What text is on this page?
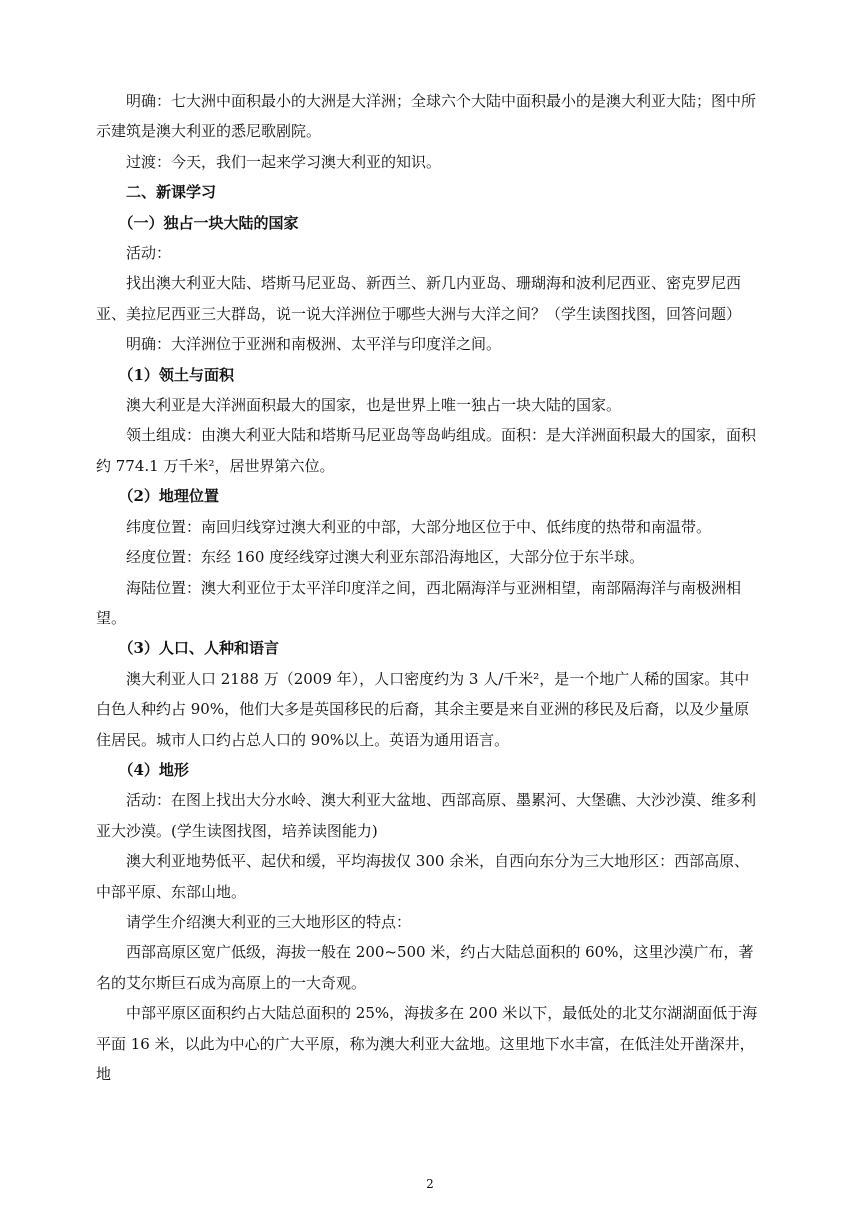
明确：七大洲中面积最小的大洲是大洋洲；全球六个大陆中面积最小的是澳大利亚大陆；图中所示建筑是澳大利亚的悉尼歌剧院。

过渡：今天，我们一起来学习澳大利亚的知识。

二、新课学习

（一）独占一块大陆的国家

活动：

找出澳大利亚大陆、塔斯马尼亚岛、新西兰、新几内亚岛、珊瑚海和波利尼西亚、密克罗尼西亚、美拉尼西亚三大群岛，说一说大洋洲位于哪些大洲与大洋之间？（学生读图找图，回答问题）

明确：大洋洲位于亚洲和南极洲、太平洋与印度洋之间。

（1）领土与面积

澳大利亚是大洋洲面积最大的国家，也是世界上唯一独占一块大陆的国家。

领土组成：由澳大利亚大陆和塔斯马尼亚岛等岛屿组成。面积：是大洋洲面积最大的国家，面积约 774.1 万千米²，居世界第六位。

（2）地理位置

纬度位置：南回归线穿过澳大利亚的中部，大部分地区位于中、低纬度的热带和南温带。

经度位置：东经 160 度经线穿过澳大利亚东部沿海地区，大部分位于东半球。

海陆位置：澳大利亚位于太平洋印度洋之间，西北隔海洋与亚洲相望，南部隔海洋与南极洲相望。

（3）人口、人种和语言

澳大利亚人口 2188 万（2009 年），人口密度约为 3 人/千米²，是一个地广人稀的国家。其中白色人种约占 90%，他们大多是英国移民的后裔，其余主要是来自亚洲的移民及后裔，以及少量原住居民。城市人口约占总人口的 90%以上。英语为通用语言。

（4）地形

活动：在图上找出大分水岭、澳大利亚大盆地、西部高原、墨累河、大堡礁、大沙沙漠、维多利亚大沙漠。(学生读图找图，培养读图能力)

澳大利亚地势低平、起伏和缓，平均海拔仅 300 余米，自西向东分为三大地形区：西部高原、中部平原、东部山地。

请学生介绍澳大利亚的三大地形区的特点：

西部高原区宽广低级，海拔一般在 200~500 米，约占大陆总面积的 60%，这里沙漠广布，著名的艾尔斯巨石成为高原上的一大奇观。

中部平原区面积约占大陆总面积的 25%，海拔多在 200 米以下，最低处的北艾尔湖湖面低于海平面 16 米，以此为中心的广大平原，称为澳大利亚大盆地。这里地下水丰富，在低洼处开凿深井，地

2
